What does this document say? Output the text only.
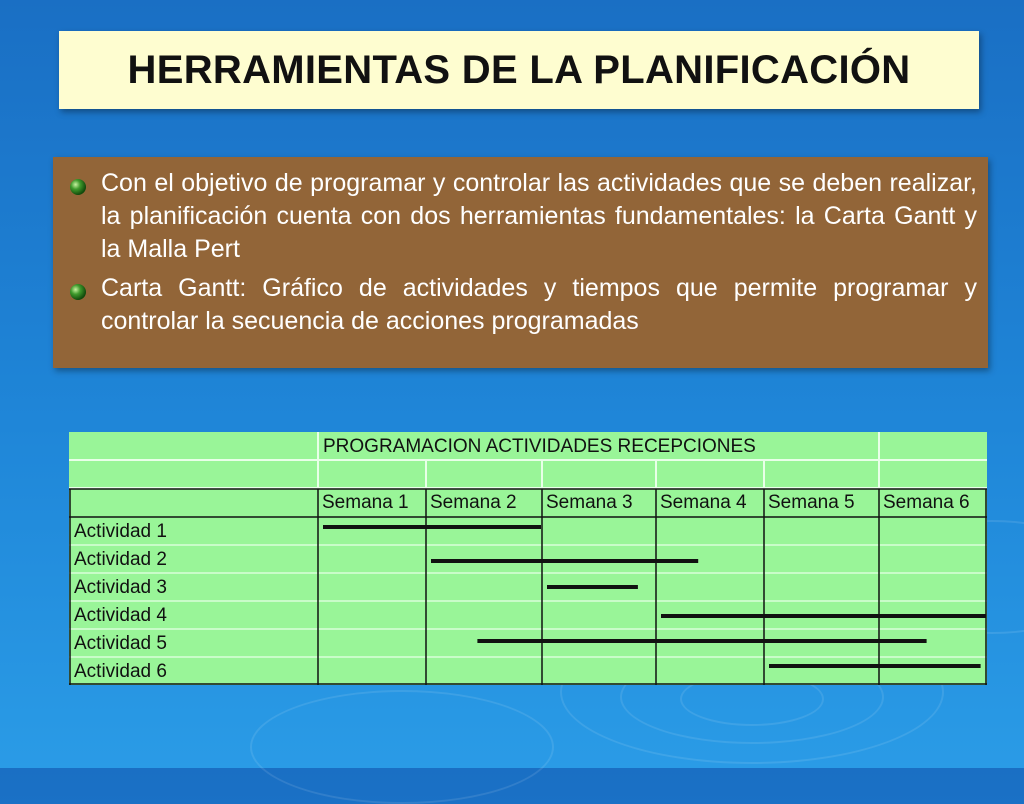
HERRAMIENTAS DE LA PLANIFICACIÓN
Con el objetivo de programar y controlar las actividades que se deben realizar, la planificación cuenta con dos herramientas fundamentales: la Carta Gantt y la Malla Pert
Carta Gantt: Gráfico de actividades y tiempos que permite programar y controlar la secuencia de acciones programadas
PROGRAMACION ACTIVIDADES RECEPCIONES
Semana 1 Semana 2 Semana 3 Semana 4 Semana 5 Semana 6
Actividad 1
Actividad 2
Actividad 3
Actividad 4
Actividad 5
Actividad 6
